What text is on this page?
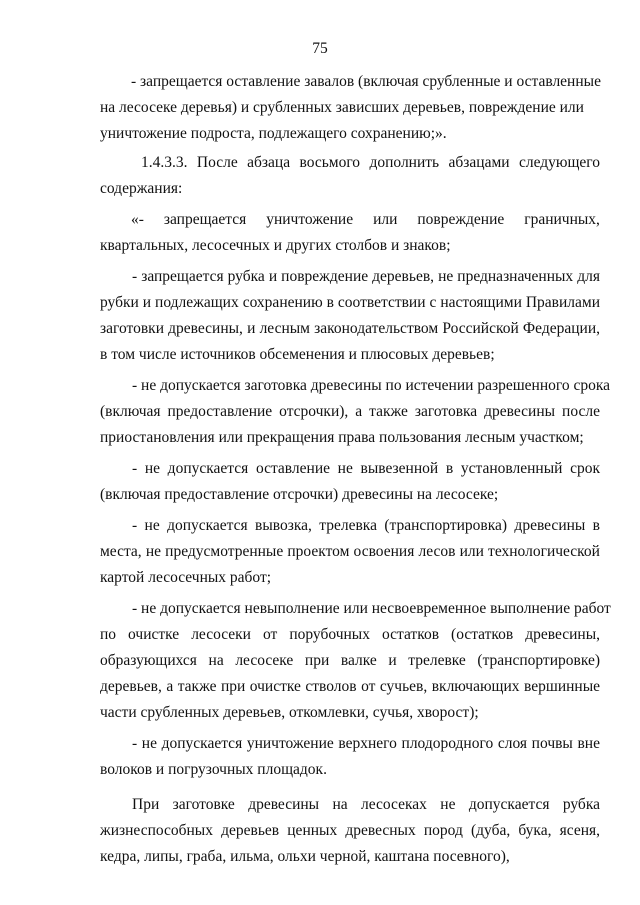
75
- запрещается оставление завалов (включая срубленные и оставленные
на лесосеке деревья) и срубленных зависших деревьев, повреждение или
уничтожение подроста, подлежащего сохранению;».
1.4.3.3. После абзаца восьмого дополнить абзацами следующего
содержания:
«- запрещается уничтожение или повреждение граничных,
квартальных, лесосечных и других столбов и знаков;
- запрещается рубка и повреждение деревьев, не предназначенных для
рубки и подлежащих сохранению в соответствии с настоящими Правилами
заготовки древесины, и лесным законодательством Российской Федерации,
в том числе источников обсеменения и плюсовых деревьев;
- не допускается заготовка древесины по истечении разрешенного срока
(включая предоставление отсрочки), а также заготовка древесины после
приостановления или прекращения права пользования лесным участком;
- не допускается оставление не вывезенной в установленный срок
(включая предоставление отсрочки) древесины на лесосеке;
- не допускается вывозка, трелевка (транспортировка) древесины в
места, не предусмотренные проектом освоения лесов или технологической
картой лесосечных работ;
- не допускается невыполнение или несвоевременное выполнение работ
по очистке лесосеки от порубочных остатков (остатков древесины,
образующихся на лесосеке при валке и трелевке (транспортировке)
деревьев, а также при очистке стволов от сучьев, включающих вершинные
части срубленных деревьев, откомлевки, сучья, хворост);
- не допускается уничтожение верхнего плодородного слоя почвы вне
волоков и погрузочных площадок.
При заготовке древесины на лесосеках не допускается рубка
жизнеспособных деревьев ценных древесных пород (дуба, бука, ясеня,
кедра, липы, граба, ильма, ольхи черной, каштана посевного),
